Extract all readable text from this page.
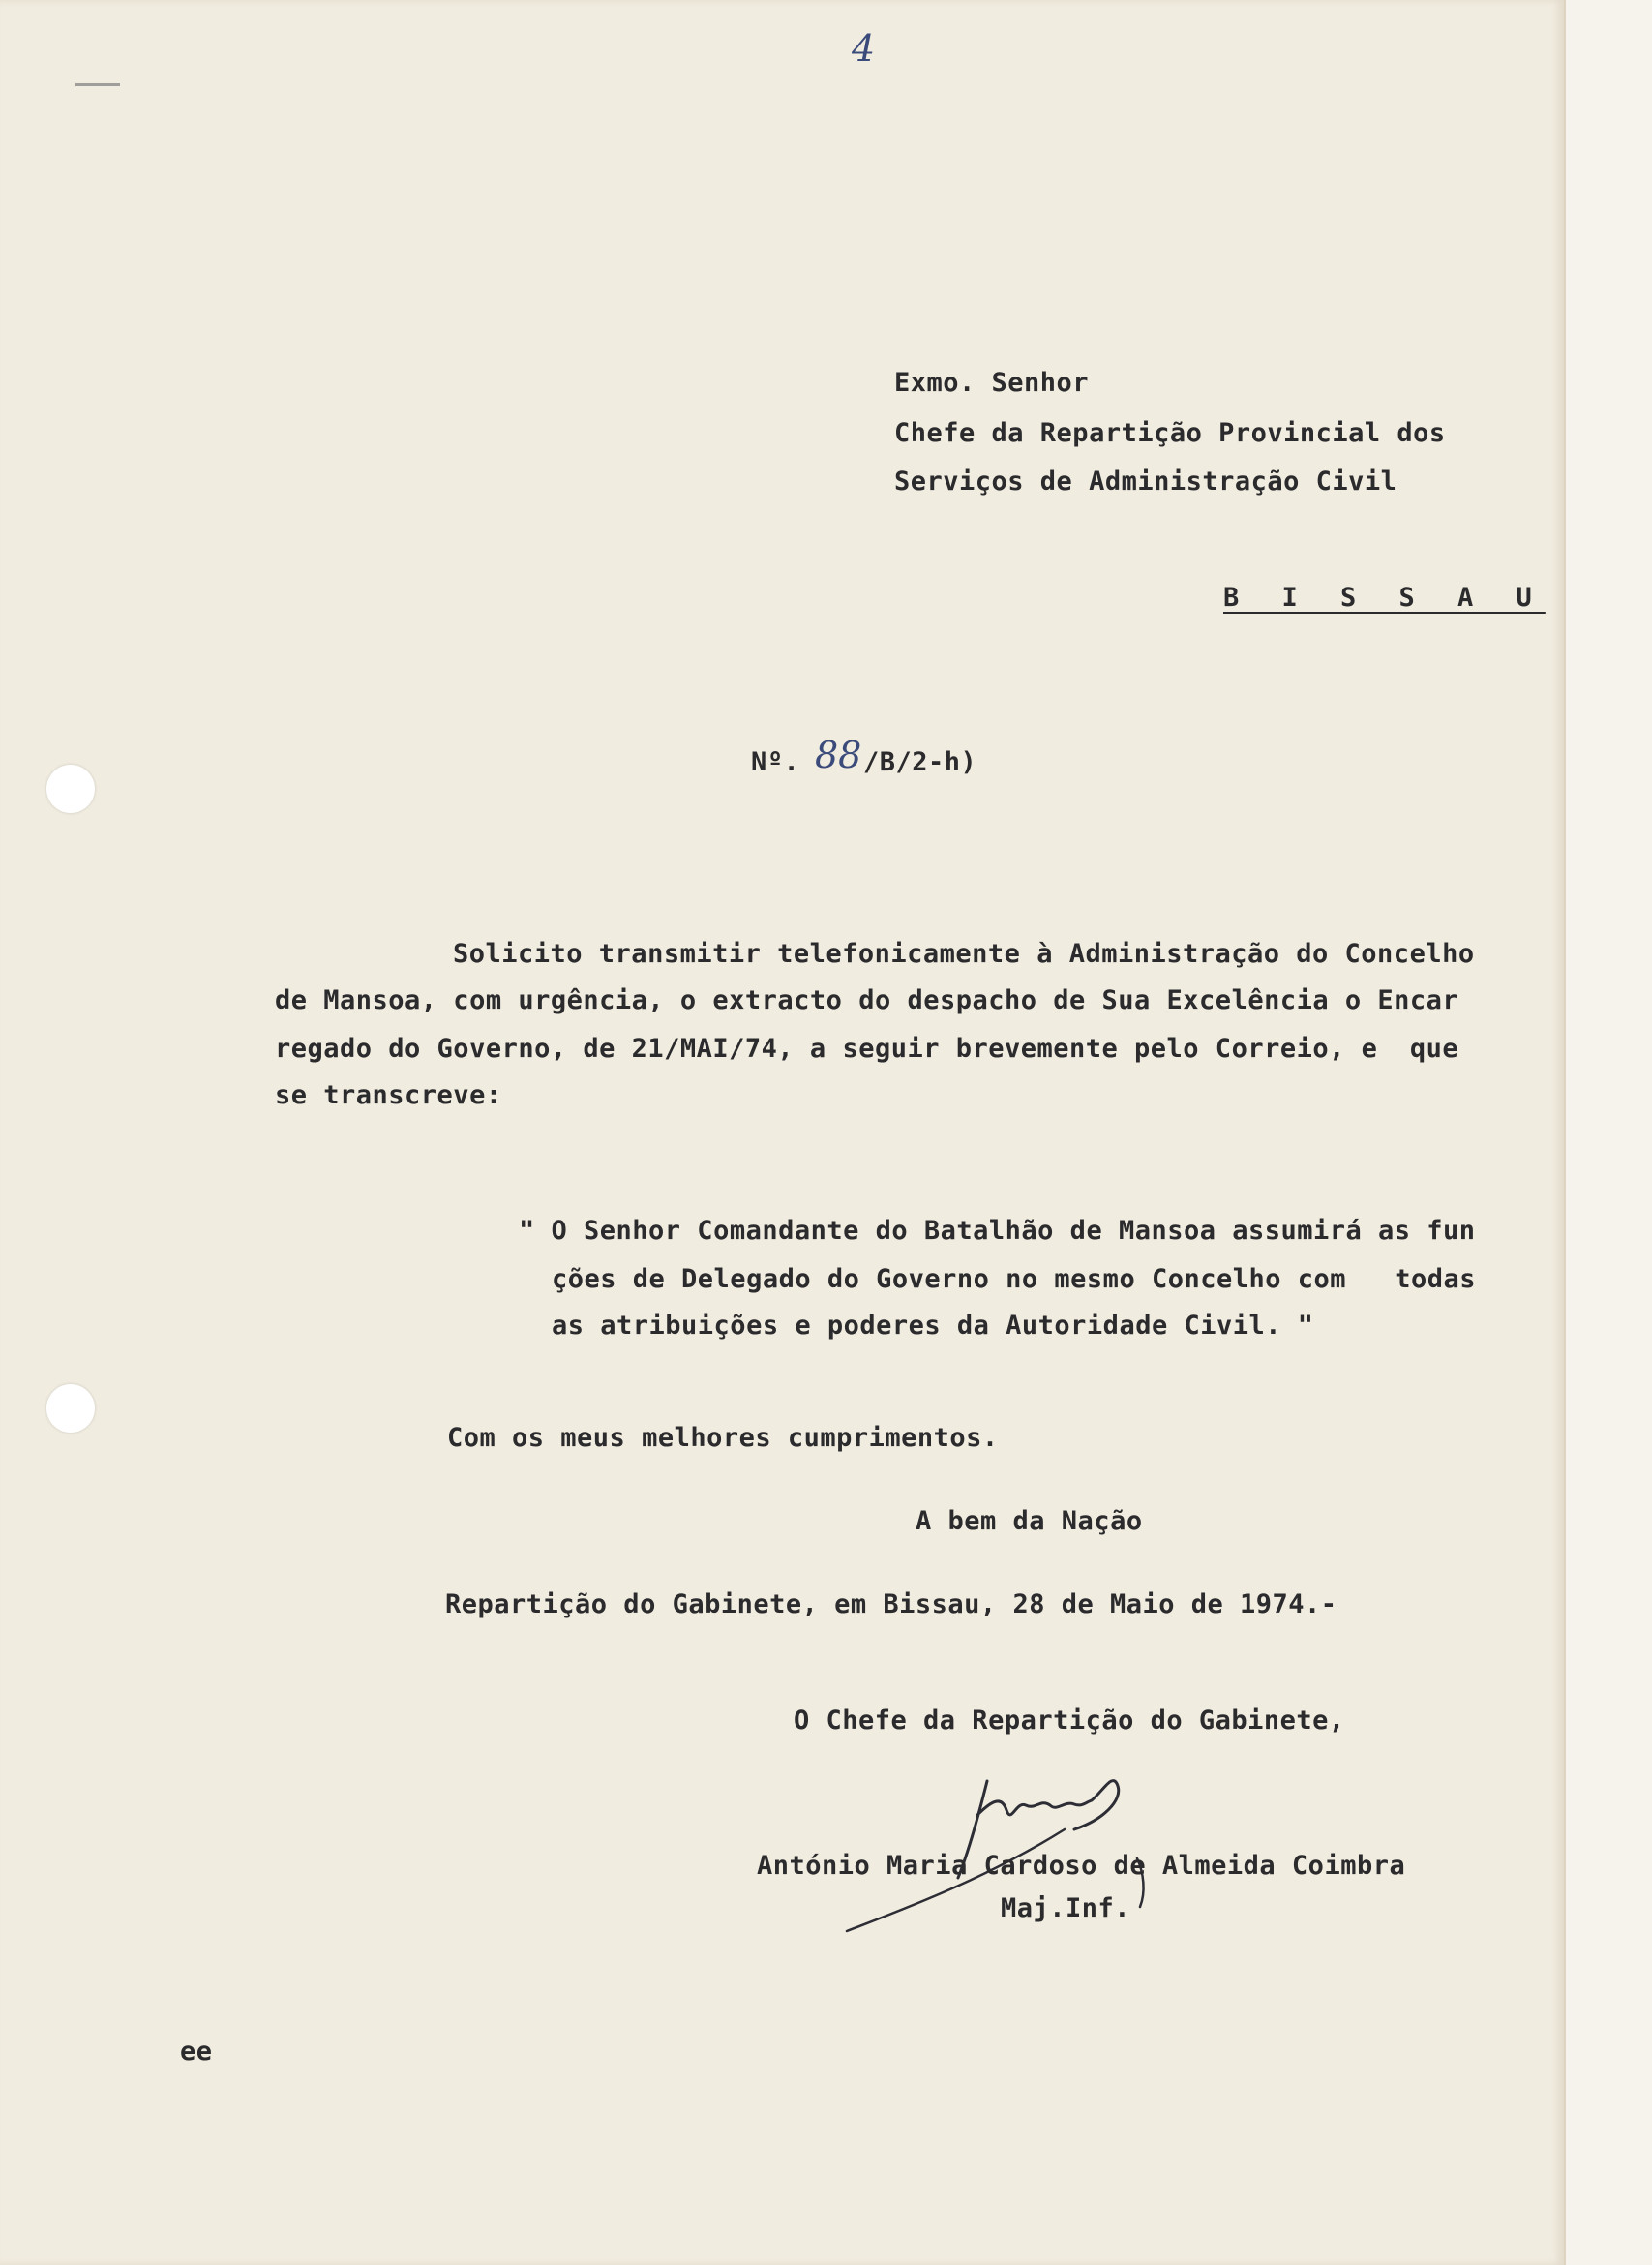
4

Exmo. Senhor

Chefe da Repartição Provincial dos

Serviços de Administração Civil

B I S S A U

Nº. 88 /B/2-h)

Solicito transmitir telefonicamente à Administração do Concelho

de Mansoa, com urgência, o extracto do despacho de Sua Excelência o Encar

regado do Governo, de 21/MAI/74, a seguir brevemente pelo Correio, e  que

se transcreve:

" O Senhor Comandante do Batalhão de Mansoa assumirá as fun

ções de Delegado do Governo no mesmo Concelho com   todas

as atribuições e poderes da Autoridade Civil. "

Com os meus melhores cumprimentos.

A bem da Nação

Repartição do Gabinete, em Bissau, 28 de Maio de 1974.-

O Chefe da Repartição do Gabinete,

António Maria Cardoso de Almeida Coimbra

Maj.Inf.

ee
